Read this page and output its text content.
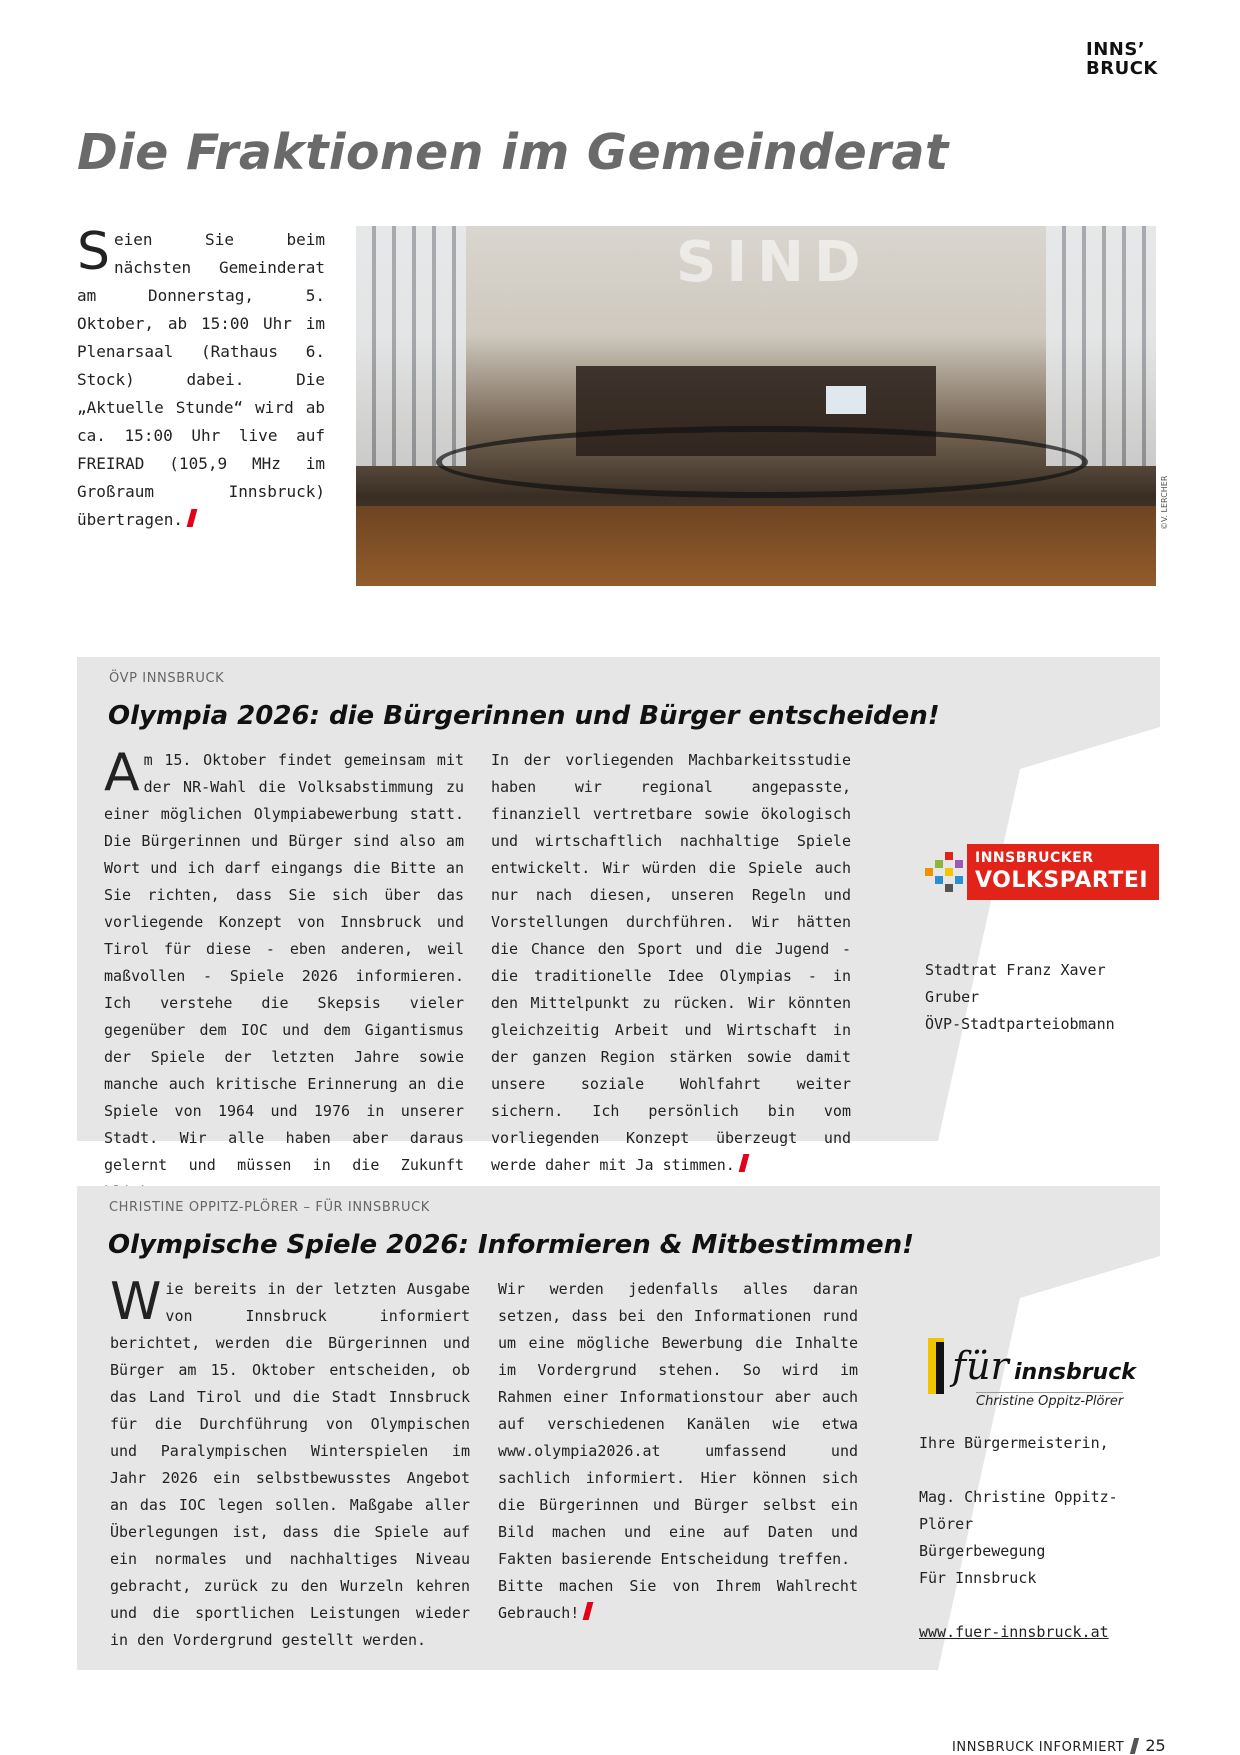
INNS’
BRUCK
Die Fraktionen im Gemeinderat

Seien Sie beim nächsten Gemeinderat am Donnerstag, 5. Oktober, ab 15:00 Uhr im Plenarsaal (Rathaus 6. Stock) dabei. Die „Aktuelle Stunde“ wird ab ca. 15:00 Uhr live auf FREIRAD (105,9 MHz im Großraum Innsbruck) übertragen.

SIND
©V. LERCHER
ÖVP INNSBRUCK
Olympia 2026: die Bürgerinnen und Bürger entscheiden!

Am 15. Oktober findet gemeinsam mit der NR-Wahl die Volksabstimmung zu einer möglichen Olympiabewerbung statt. Die Bürgerinnen und Bürger sind also am Wort und ich darf eingangs die Bitte an Sie richten, dass Sie sich über das vorliegende Konzept von Innsbruck und Tirol für diese - eben anderen, weil maßvollen - Spiele 2026 informieren. Ich verstehe die Skepsis vieler gegenüber dem IOC und dem Gigantismus der Spiele der letzten Jahre sowie manche auch kritische Erinnerung an die Spiele von 1964 und 1976 in unserer Stadt. Wir alle haben aber daraus gelernt und müssen in die Zukunft

In der vorliegenden Machbarkeitsstudie haben wir regional angepasste, finanziell vertretbare sowie ökologisch und wirtschaftlich nachhaltige Spiele entwickelt. Wir würden die Spiele auch nur nach diesen, unseren Regeln und Vorstellungen durchführen. Wir hätten die Chance den Sport und die Jugend - die traditionelle Idee Olympias - in den Mittelpunkt zu rücken. Wir könnten gleichzeitig Arbeit und Wirtschaft in der ganzen Region stärken sowie damit unsere soziale Wohlfahrt weiter sichern. Ich persönlich bin vom vorliegenden Konzept überzeugt und werde daher mit Ja stimmen.

INNSBRUCKER
VOLKSPARTEI
Stadtrat Franz Xaver Gruber
ÖVP-Stadtparteiobmann
CHRISTINE OPPITZ-PLÖRER – FÜR INNSBRUCK
Olympische Spiele 2026: Informieren & Mitbestimmen!

Wie bereits in der letzten Ausgabe von Innsbruck informiert berichtet, werden die Bürgerinnen und Bürger am 15. Oktober entscheiden, ob das Land Tirol und die Stadt Innsbruck für die Durchführung von Olympischen und Paralympischen Winterspielen im Jahr 2026 ein selbstbewusstes Angebot an das IOC legen sollen. Maßgabe aller Überlegungen ist, dass die Spiele auf ein normales und nachhaltiges Niveau gebracht, zurück zu den Wurzeln kehren und die sportlichen Leistungen wieder in den Vordergrund gestellt werden.

Wir werden jedenfalls alles daran setzen, dass bei den Informationen rund um eine mögliche Bewerbung die Inhalte im Vordergrund stehen. So wird im Rahmen einer Informationstour aber auch auf verschiedenen Kanälen wie etwa www.olympia2026.at umfassend und sachlich informiert. Hier können sich die Bürgerinnen und Bürger selbst ein Bild machen und eine auf Daten und Fakten basierende Entscheidung treffen.
Bitte machen Sie von Ihrem Wahlrecht Gebrauch!

für innsbruck
Christine Oppitz-Plörer
Ihre Bürgermeisterin,
Mag. Christine Oppitz-Plörer
Bürgerbewegung
Für Innsbruck
www.fuer-innsbruck.at
INNSBRUCK INFORMIERT 25
